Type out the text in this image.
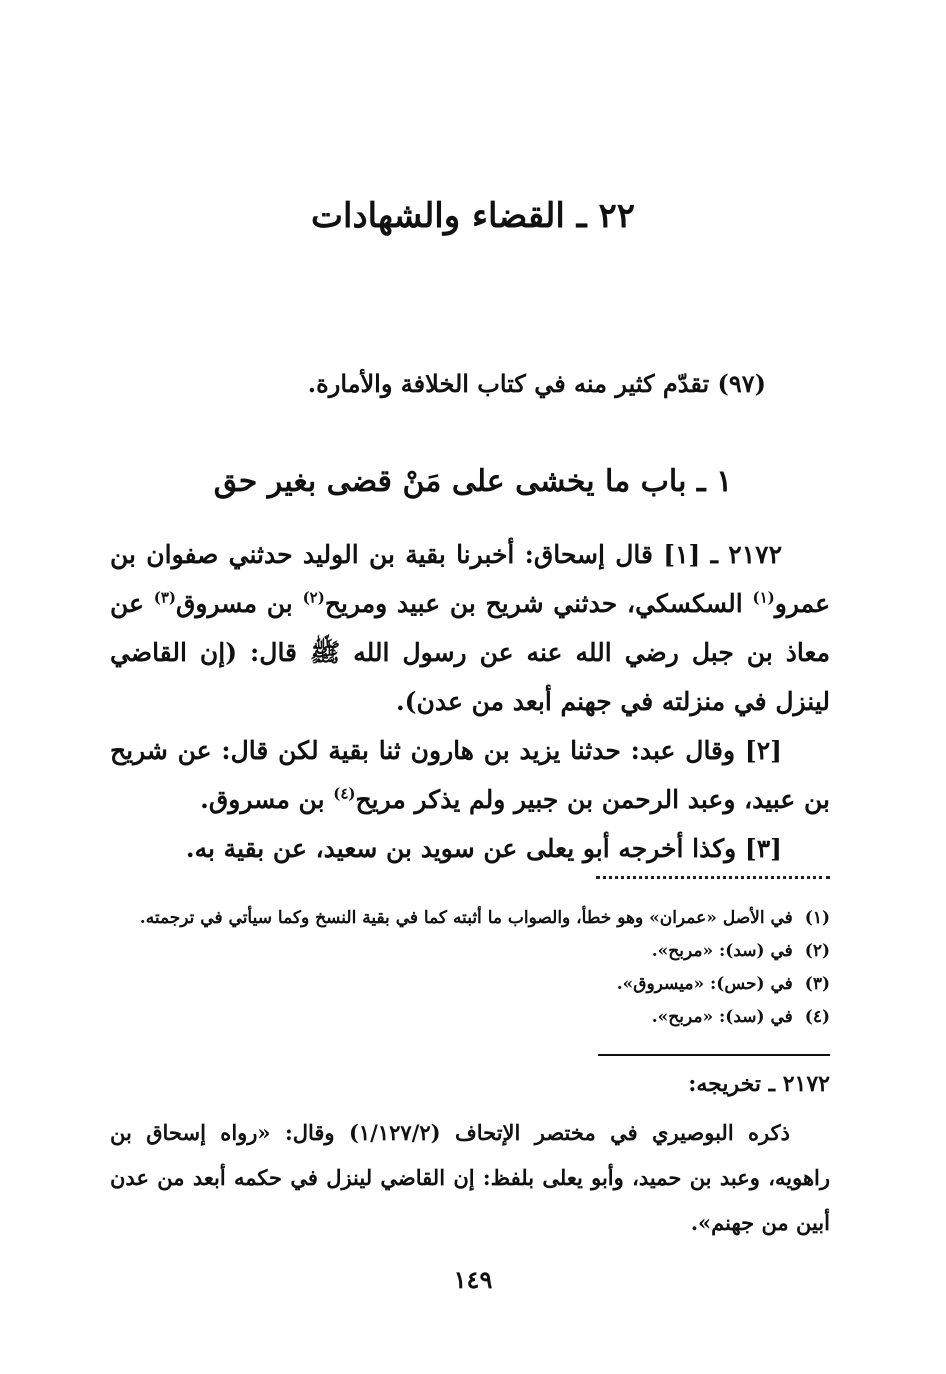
٢٢ ـ القضاء والشهادات
(٩٧) تقدّم كثير منه في كتاب الخلافة والأمارة.
١ ـ باب ما يخشى على مَنْ قضى بغير حق

٢١٧٢ ـ [١] قال إسحاق: أخبرنا بقية بن الوليد حدثني صفوان بن عمرو$^{(١)}$ السكسكي، حدثني شريح بن عبيد ومريح$^{(٢)}$ بن مسروق$^{(٣)}$ عن معاذ بن جبل رضي الله عنه عن رسول الله ﷺ قال: (إن القاضي لينزل في منزلته في جهنم أبعد من عدن).

[٢] وقال عبد: حدثنا يزيد بن هارون ثنا بقية لكن قال: عن شريح بن عبيد، وعبد الرحمن بن جبير ولم يذكر مريح$^{(٤)}$ بن مسروق.

[٣] وكذا أخرجه أبو يعلى عن سويد بن سعيد، عن بقية به.

(١)في الأصل «عمران» وهو خطأ، والصواب ما أثبته كما في بقية النسخ وكما سيأتي في ترجمته.
(٢)في (سد): «مربح».
(٣)في (حس): «ميسروق».
(٤)في (سد): «مربح».
٢١٧٢ ـ تخريجه:

ذكره البوصيري في مختصر الإتحاف (١/١٢٧/٢) وقال: «رواه إسحاق بن راهويه، وعبد بن حميد، وأبو يعلى بلفظ: إن القاضي لينزل في حكمه أبعد من عدن أبين من جهنم».

١٤٩
